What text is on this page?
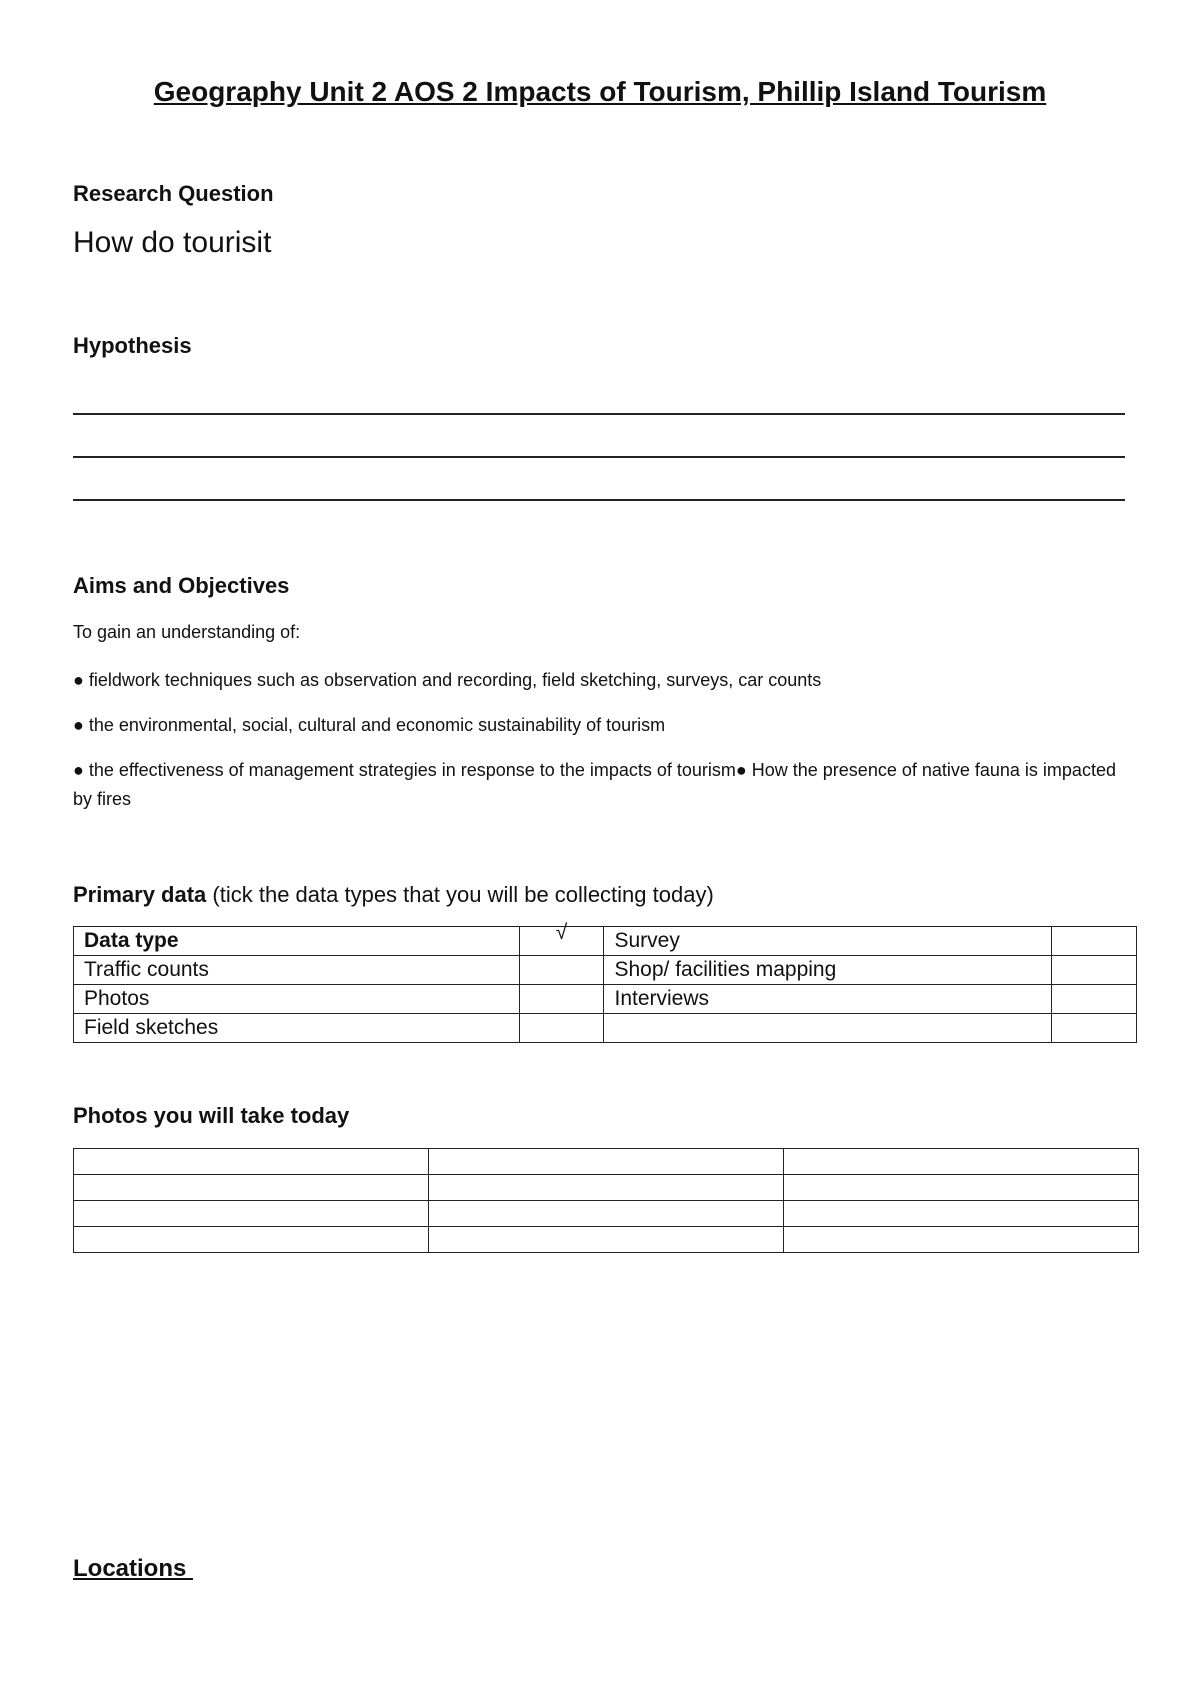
Geography Unit 2 AOS 2 Impacts of Tourism, Phillip Island Tourism
Research Question
How do tourisit
Hypothesis
Aims and Objectives
To gain an understanding of:
● fieldwork techniques such as observation and recording, field sketching, surveys, car counts
● the environmental, social, cultural and economic sustainability of tourism
● the effectiveness of management strategies in response to the impacts of tourism● How the presence of native fauna is impacted by fires
Primary data (tick the data types that you will be collecting today)
Data type	√	Survey	
Traffic counts		Shop/ facilities mapping	
Photos		Interviews	
Field sketches			
Photos you will take today

Locations
